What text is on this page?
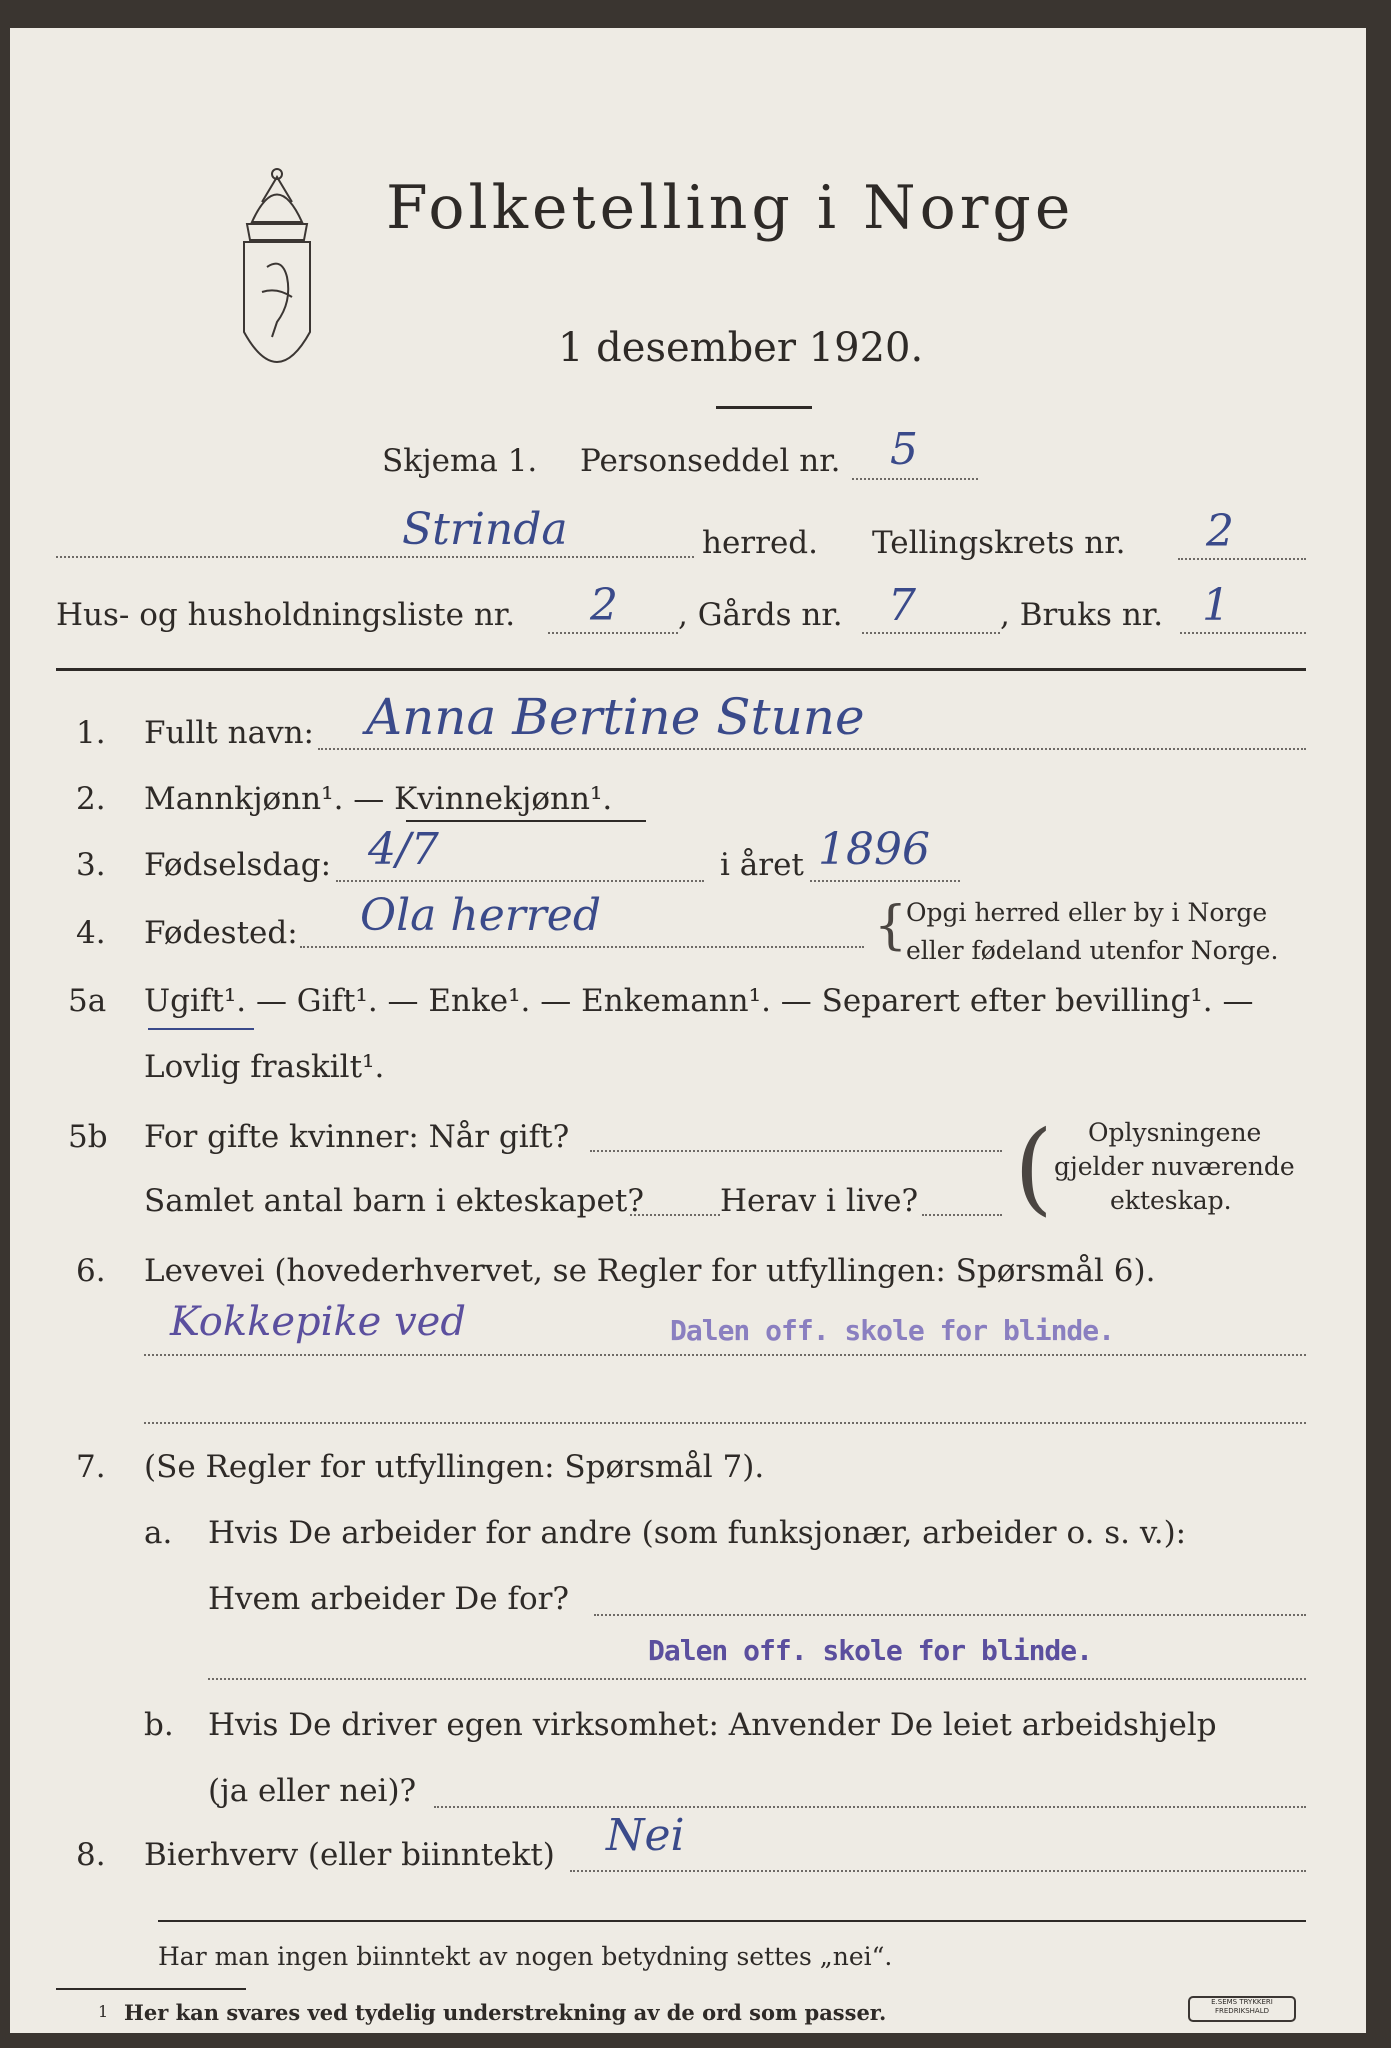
Folketelling i Norge
1 desember 1920.
Skjema 1. Personseddel nr. 5
Strinda	herred. Tellingskrets nr. 2
Hus- og husholdningsliste nr. 2 , Gårds nr. 7	, Bruks nr. 1
1. Fullt navn: Anna Bertine Stune
2. Mannkjønn¹. — Kvinnekjønn¹.
3. Fødselsdag: 4/7	i året 1896
4. Fødested: Ola herred	{
Opgi herred eller by i Norge
eller fødeland utenfor Norge.
5a Ugift¹. — Gift¹. — Enke¹. — Enkemann¹. — Separert efter bevilling¹. —
Lovlig fraskilt¹.
5b For gifte kvinner: Når gift?
Samlet antal barn i ekteskapet? Herav i live? ( Oplysningene
gjelder nuværende
ekteskap.
6. Levevei (hovederhvervet, se Regler for utfyllingen: Spørsmål 6).
Kokkepike ved	Dalen off. skole for blinde.
7. (Se Regler for utfyllingen: Spørsmål 7).
a. Hvis De arbeider for andre (som funksjonær, arbeider o. s. v.):
Hvem arbeider De for?
Dalen off. skole for blinde.
b. Hvis De driver egen virksomhet: Anvender De leiet arbeidshjelp
(ja eller nei)?
8. Bierhverv (eller biinntekt) Nei
Har man ingen biinntekt av nogen betydning settes „nei“.
1 Her kan svares ved tydelig understrekning av de ord som passer.	E.SEMS TRYKKERI FREDRIKSHALD
